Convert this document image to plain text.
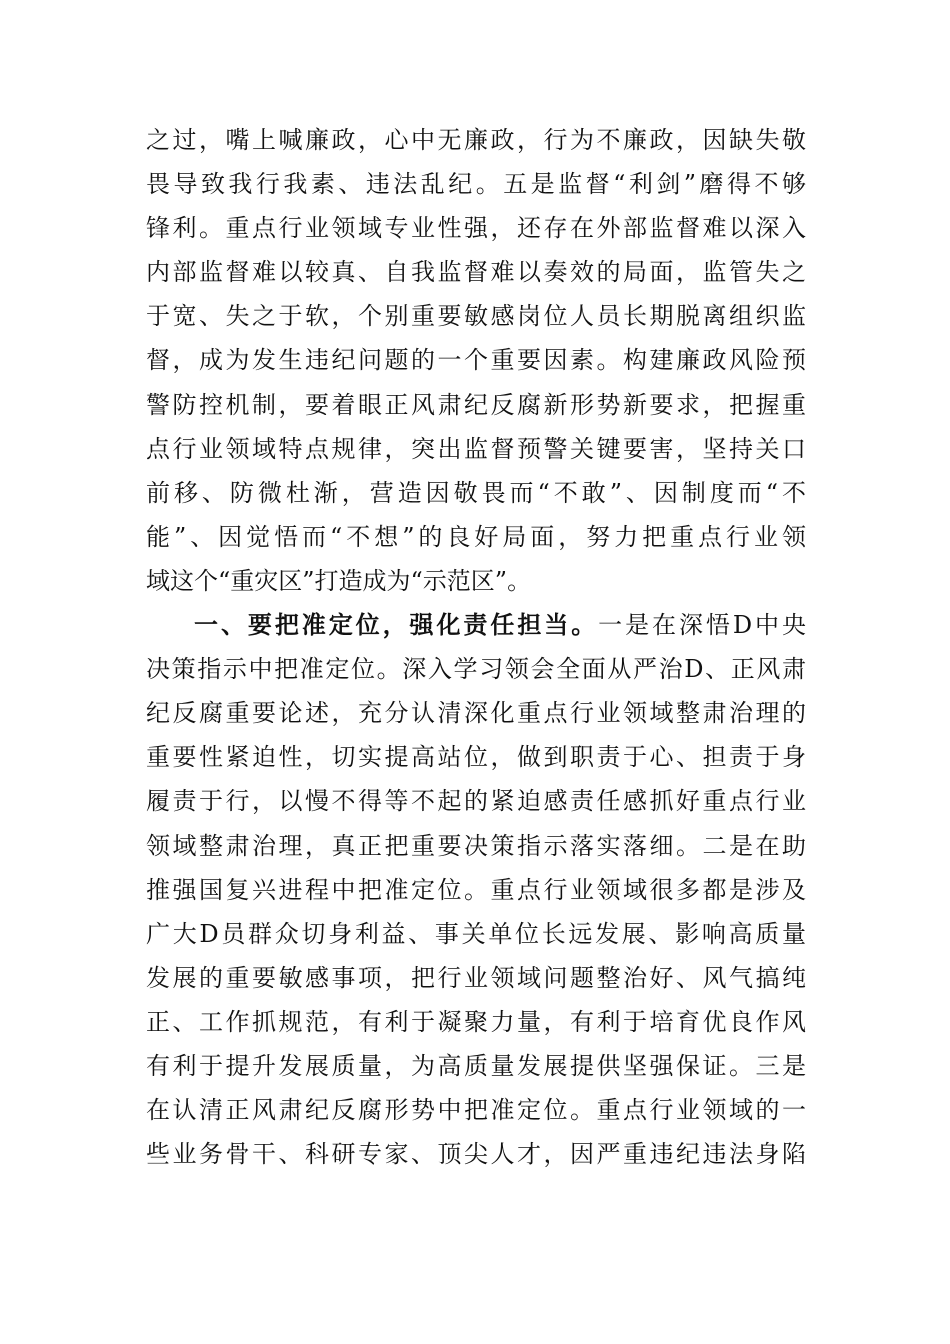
之过，嘴上喊廉政，心中无廉政，行为不廉政，因缺失敬
畏导致我行我素、违法乱纪。五是监督“利剑”磨得不够
锋利。重点行业领域专业性强，还存在外部监督难以深入
内部监督难以较真、自我监督难以奏效的局面，监管失之
于宽、失之于软，个别重要敏感岗位人员长期脱离组织监
督，成为发生违纪问题的一个重要因素。构建廉政风险预
警防控机制，要着眼正风肃纪反腐新形势新要求，把握重
点行业领域特点规律，突出监督预警关键要害，坚持关口
前移、防微杜渐，营造因敬畏而“不敢”、因制度而“不
能”、因觉悟而“不想”的良好局面，努力把重点行业领
域这个“重灾区”打造成为“示范区”。
一、要把准定位，强化责任担当。一是在深悟D中央
决策指示中把准定位。深入学习领会全面从严治D、正风肃
纪反腐重要论述，充分认清深化重点行业领域整肃治理的
重要性紧迫性，切实提高站位，做到职责于心、担责于身
履责于行，以慢不得等不起的紧迫感责任感抓好重点行业
领域整肃治理，真正把重要决策指示落实落细。二是在助
推强国复兴进程中把准定位。重点行业领域很多都是涉及
广大D员群众切身利益、事关单位长远发展、影响高质量
发展的重要敏感事项，把行业领域问题整治好、风气搞纯
正、工作抓规范，有利于凝聚力量，有利于培育优良作风
有利于提升发展质量，为高质量发展提供坚强保证。三是
在认清正风肃纪反腐形势中把准定位。重点行业领域的一
些业务骨干、科研专家、顶尖人才，因严重违纪违法身陷
